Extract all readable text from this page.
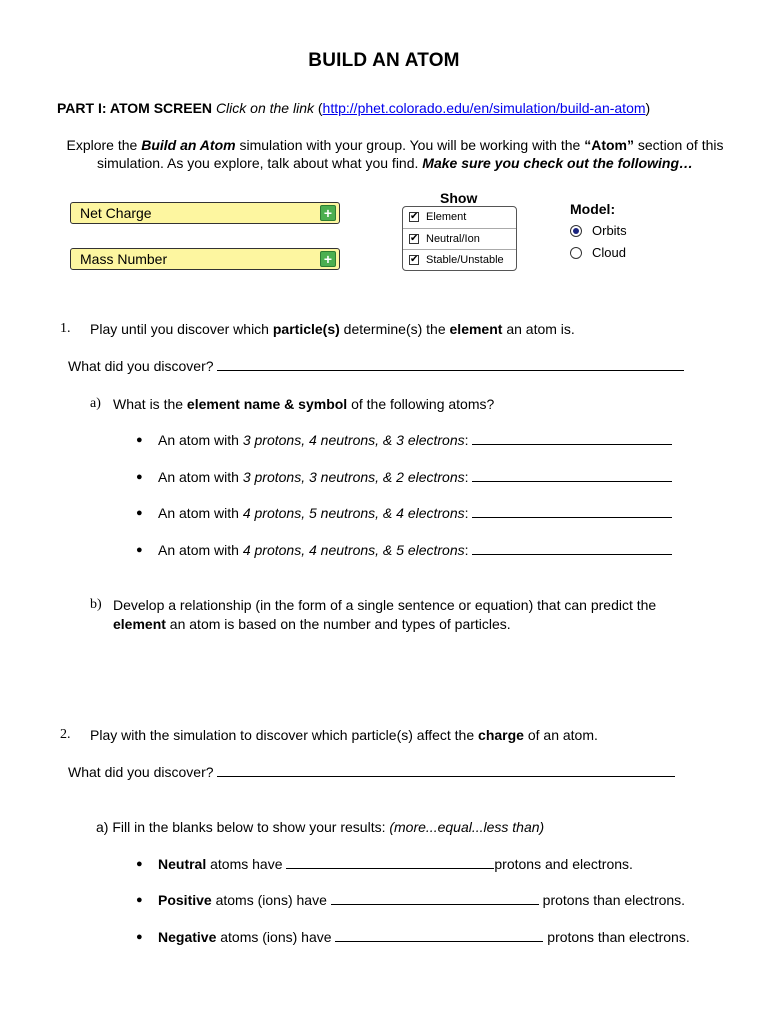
BUILD AN ATOM
PART I: ATOM SCREEN Click on the link (http://phet.colorado.edu/en/simulation/build-an-atom)
Explore the Build an Atom simulation with your group. You will be working with the “Atom” section of this simulation. As you explore, talk about what you find. Make sure you check out the following…
Net Charge	+
Mass Number	+
Show
✔ Element
✔ Neutral/Ion
✔ Stable/Unstable
Model:
Orbits
Cloud
1. Play until you discover which particle(s) determine(s) the element an atom is.
What did you discover?
a) What is the element name & symbol of the following atoms?
● An atom with 3 protons, 4 neutrons, & 3 electrons:
● An atom with 3 protons, 3 neutrons, & 2 electrons:
● An atom with 4 protons, 5 neutrons, & 4 electrons:
● An atom with 4 protons, 4 neutrons, & 5 electrons:
b) Develop a relationship (in the form of a single sentence or equation) that can predict the
element an atom is based on the number and types of particles.
2. Play with the simulation to discover which particle(s) affect the charge of an atom.
What did you discover?
a) Fill in the blanks below to show your results: (more...equal...less than)
● Neutral atoms have	protons and electrons.
● Positive atoms (ions) have	protons than electrons.
● Negative atoms (ions) have	protons than electrons.
